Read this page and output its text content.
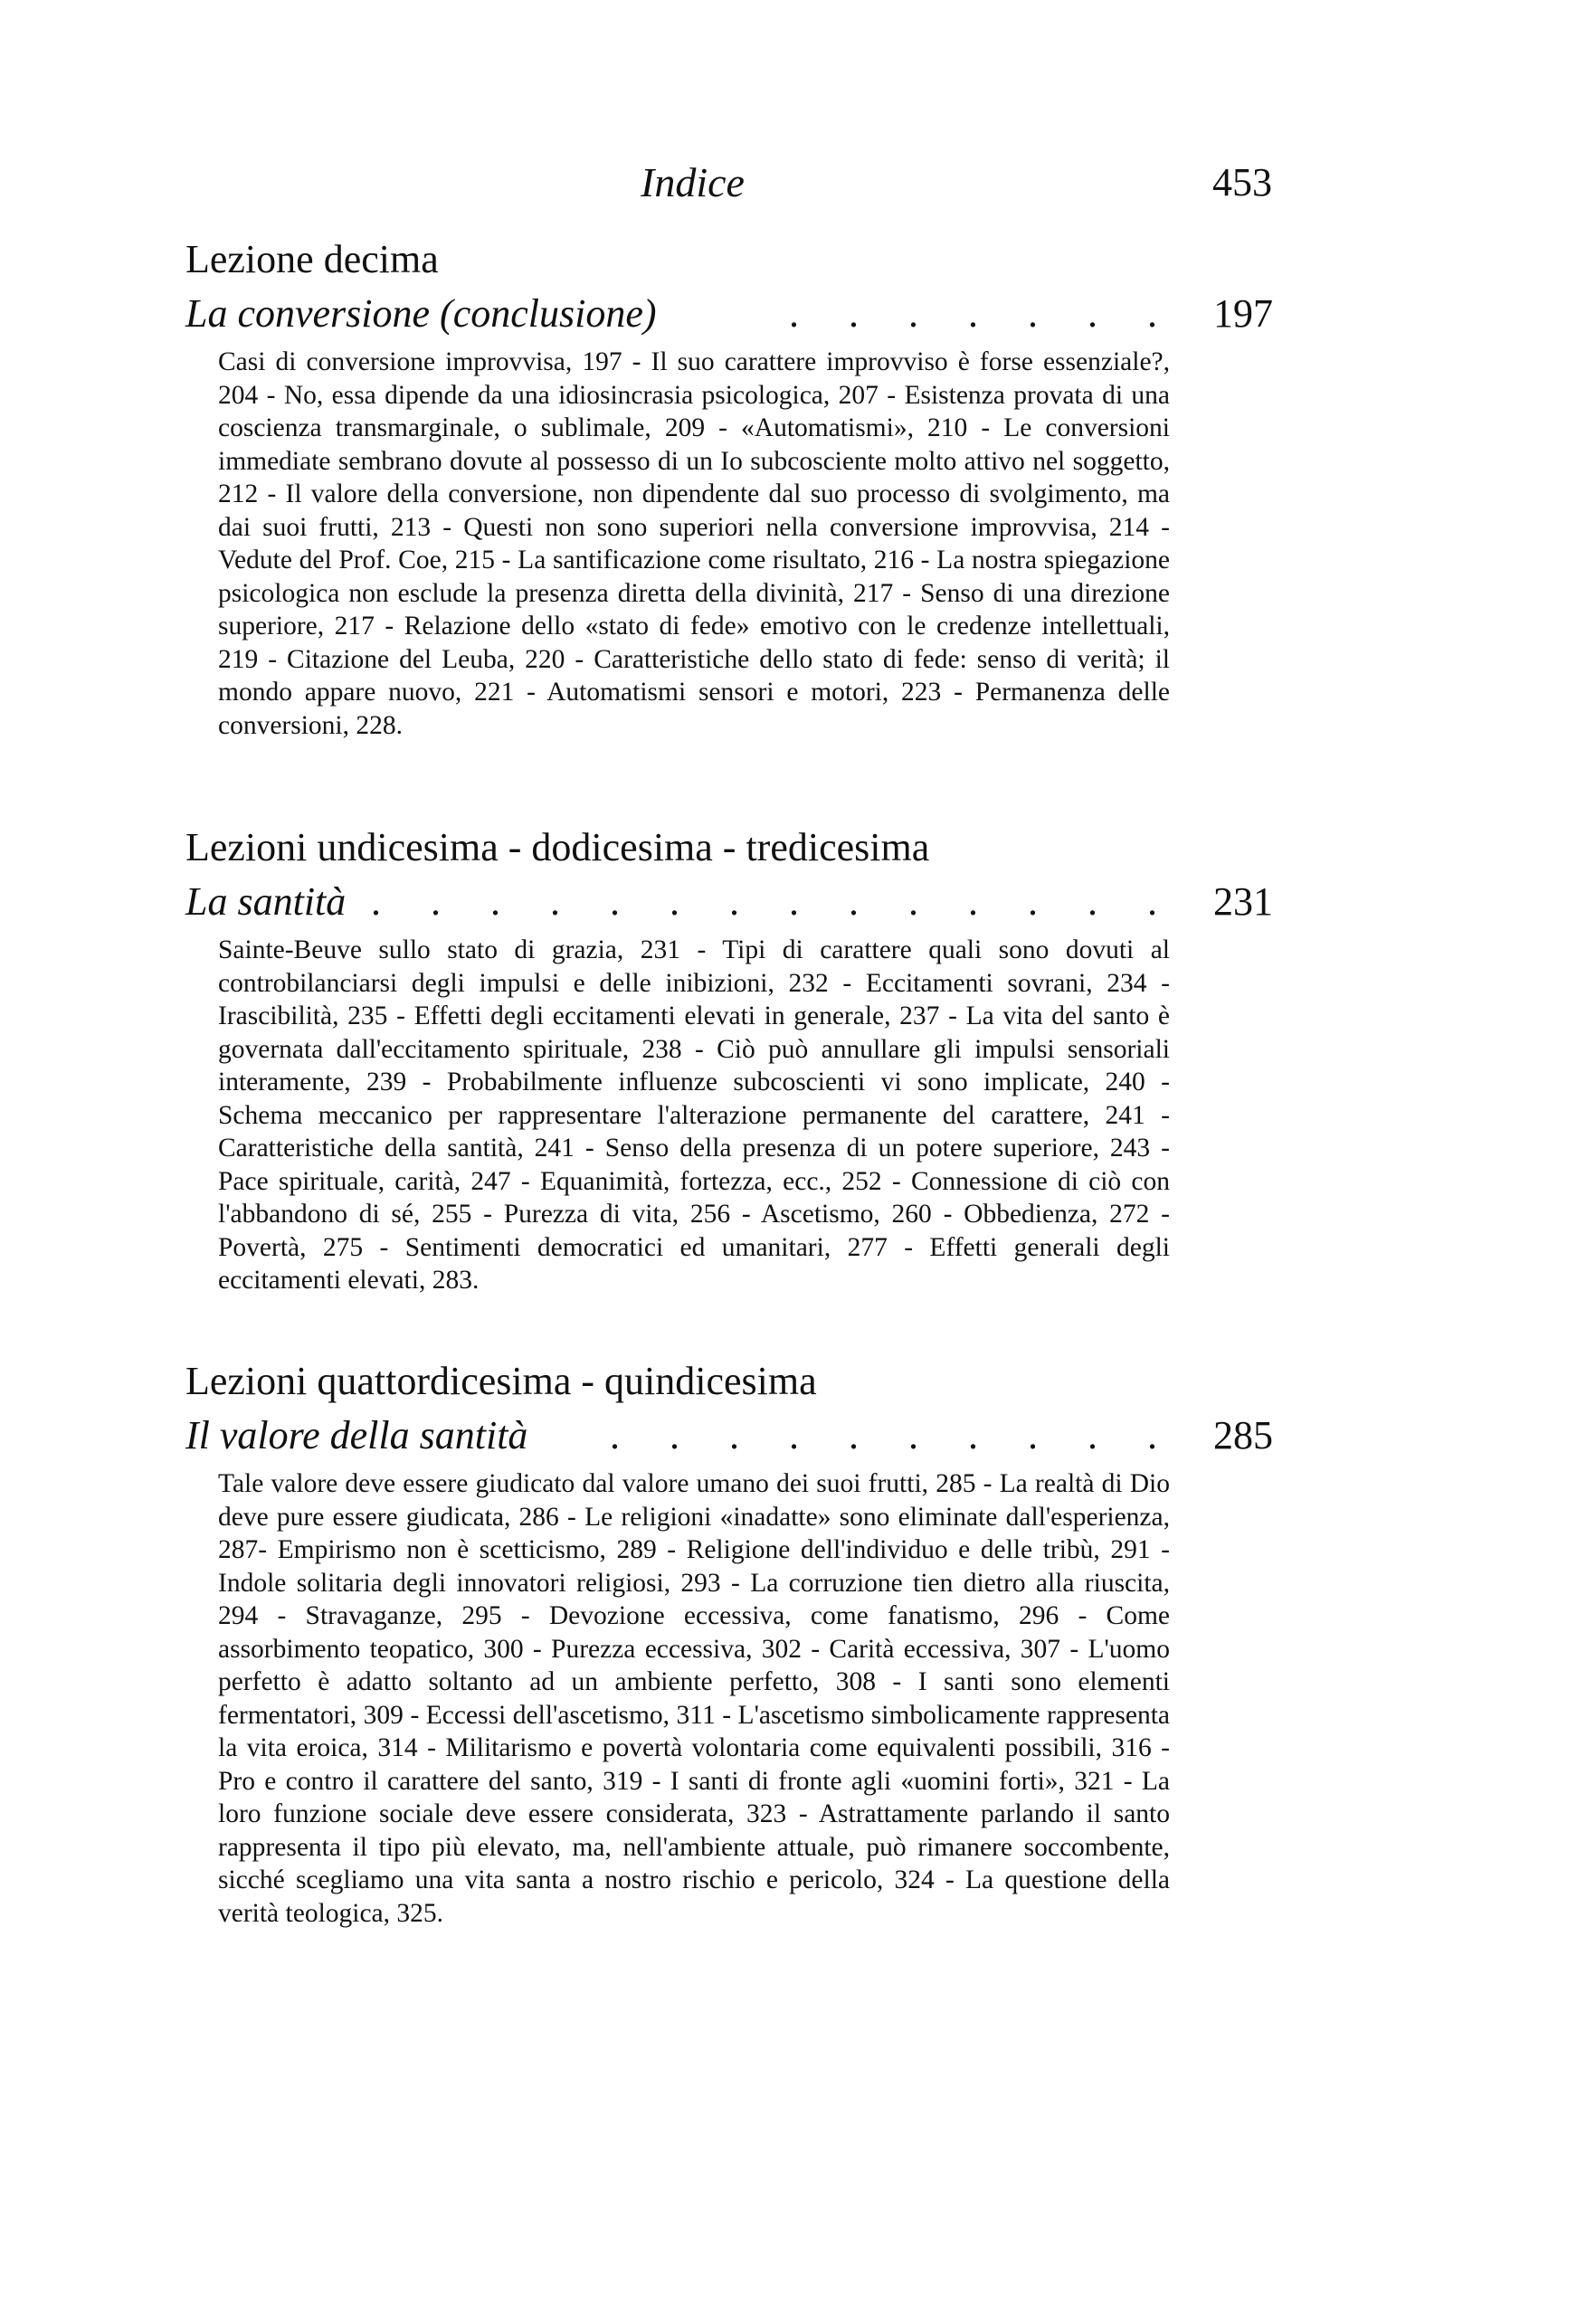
Indice	453
Lezione decima
La conversione (conclusione)	. . . . . . . 197

Casi di conversione improvvisa, 197 - Il suo carattere improvviso è forse essenziale?, 204 - No, essa dipende da una idiosincrasia psicologica, 207 - Esistenza provata di una coscienza transmarginale, o sublimale, 209 - «Automatismi», 210 - Le conversioni immediate sembrano dovute al possesso di un Io subcosciente molto attivo nel soggetto, 212 - Il valore della conversione, non dipendente dal suo processo di svolgimento, ma dai suoi frutti, 213 - Questi non sono superiori nella conversione improvvisa, 214 - Vedute del Prof. Coe, 215 - La santificazione come risultato, 216 - La nostra spiegazione psicologica non esclude la presenza diretta della divinità, 217 - Senso di una direzione superiore, 217 - Relazione dello «stato di fede» emotivo con le credenze intellettuali, 219 - Citazione del Leuba, 220 - Caratteristiche dello stato di fede: senso di verità; il mondo appare nuovo, 221 - Automatismi sensori e motori, 223 - Permanenza delle conversioni, 228.

Lezioni undicesima - dodicesima - tredicesima
La santità . . . . . . . . . . . . . . 231

Sainte-Beuve sullo stato di grazia, 231 - Tipi di carattere quali sono dovuti al controbilanciarsi degli impulsi e delle inibizioni, 232 - Eccitamenti sovrani, 234 - Irascibilità, 235 - Effetti degli eccitamenti elevati in generale, 237 - La vita del santo è governata dall'eccitamento spirituale, 238 - Ciò può annullare gli impulsi sensoriali interamente, 239 - Probabilmente influenze subcoscienti vi sono implicate, 240 - Schema meccanico per rappresentare l'alterazione permanente del carattere, 241 - Caratteristiche della santità, 241 - Senso della presenza di un potere superiore, 243 - Pace spirituale, carità, 247 - Equanimità, fortezza, ecc., 252 - Connessione di ciò con l'abbandono di sé, 255 - Purezza di vita, 256 - Ascetismo, 260 - Obbedienza, 272 - Povertà, 275 - Sentimenti democratici ed umanitari, 277 - Effetti generali degli eccitamenti elevati, 283.

Lezioni quattordicesima - quindicesima
Il valore della santità	. . . . . . . . . . 285

Tale valore deve essere giudicato dal valore umano dei suoi frutti, 285 - La realtà di Dio deve pure essere giudicata, 286 - Le religioni «inadatte» sono eliminate dall'esperienza, 287- Empirismo non è scetticismo, 289 - Religione dell'individuo e delle tribù, 291 - Indole solitaria degli innovatori religiosi, 293 - La corruzione tien dietro alla riuscita, 294 - Stravaganze, 295 - Devozione eccessiva, come fanatismo, 296 - Come assorbimento teopatico, 300 - Purezza eccessiva, 302 - Carità eccessiva, 307 - L'uomo perfetto è adatto soltanto ad un ambiente perfetto, 308 - I santi sono elementi fermentatori, 309 - Eccessi dell'ascetismo, 311 - L'ascetismo simbolicamente rappresenta la vita eroica, 314 - Militarismo e povertà volontaria come equivalenti possibili, 316 - Pro e contro il carattere del santo, 319 - I santi di fronte agli «uomini forti», 321 - La loro funzione sociale deve essere considerata, 323 - Astrattamente parlando il santo rappresenta il tipo più elevato, ma, nell'ambiente attuale, può rimanere soccombente, sicché scegliamo una vita santa a nostro rischio e pericolo, 324 - La questione della verità teologica, 325.
